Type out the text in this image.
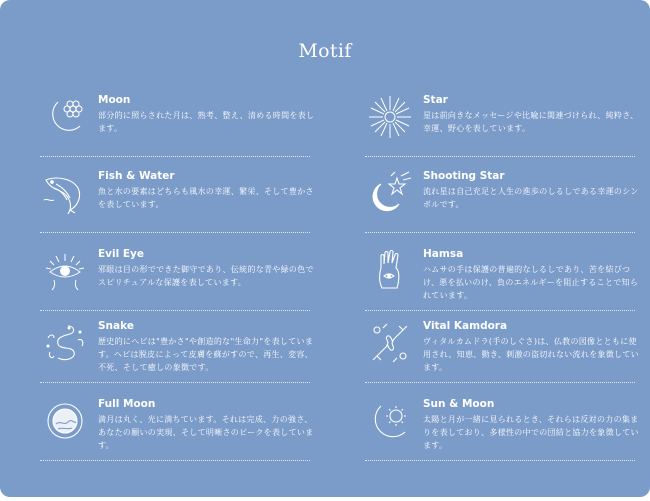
Motif
Moon
部分的に照らされた月は、熟考、整え、清める時間を表します。
Fish & Water
魚と水の要素はどちらも風水の幸運、繁栄、そして豊かさを表しています。
Evil Eye
邪眼は目の形でできた御守であり、伝統的な青や緑の色でスピリチュアルな保護を表しています。
Snake
歴史的にヘビは"豊かさ"や創造的な"生命力"を表しています。ヘビは脱皮によって皮膚を蘇がすので、再生、変容、不死、そして癒しの象徴です。
Full Moon
満月は丸く、光に満ちています。それは完成、力の強さ、あなたの願いの実現、そして明晰さのピークを表しています。
Star
星は前向きなメッセージや比喩に関連づけられ、純粋さ、幸運、野心を表しています。
Shooting Star
流れ星は自己充足と人生の進歩のしるしである幸運のシンボルです。
Hamsa
ハムサの手は保護の普遍的なしるしであり、苦を結びつけ、悪を払いのけ、負のエネルギーを阻止することで知られています。
Vital Kamdora
ヴィタルカムドラ(手のしぐさ)は、仏教の図像とともに使用され、知恵、動き、刺激の盗切れない流れを象徴しています。
Sun & Moon
太陽と月が一緒に見られるとき、それらは反対の力の集まりを表しており、多様性の中での団結と協力を象徴しています。
